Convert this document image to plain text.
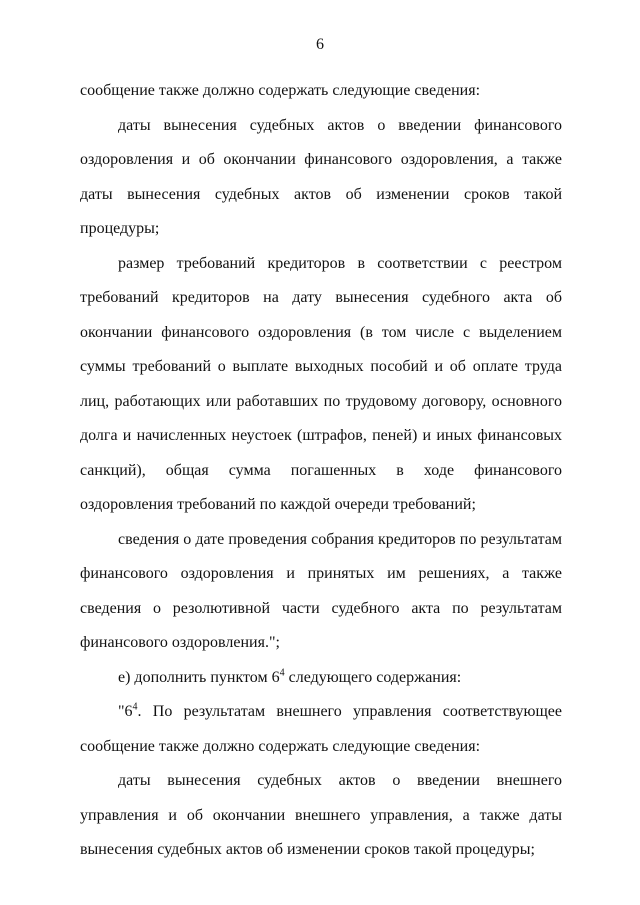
6

сообщение также должно содержать следующие сведения:

даты вынесения судебных актов о введении финансового оздоровления и об окончании финансового оздоровления, а также даты вынесения судебных актов об изменении сроков такой процедуры;

размер требований кредиторов в соответствии с реестром требований кредиторов на дату вынесения судебного акта об окончании финансового оздоровления (в том числе с выделением суммы требований о выплате выходных пособий и об оплате труда лиц, работающих или работавших по трудовому договору, основного долга и начисленных неустоек (штрафов, пеней) и иных финансовых санкций), общая сумма погашенных в ходе финансового оздоровления требований по каждой очереди требований;

сведения о дате проведения собрания кредиторов по результатам финансового оздоровления и принятых им решениях, а также сведения о резолютивной части судебного акта по результатам финансового оздоровления.";

е) дополнить пунктом $6^4$ следующего содержания:

"$6^4$. По результатам внешнего управления соответствующее сообщение также должно содержать следующие сведения:

даты вынесения судебных актов о введении внешнего управления и об окончании внешнего управления, а также даты вынесения судебных актов об изменении сроков такой процедуры;
